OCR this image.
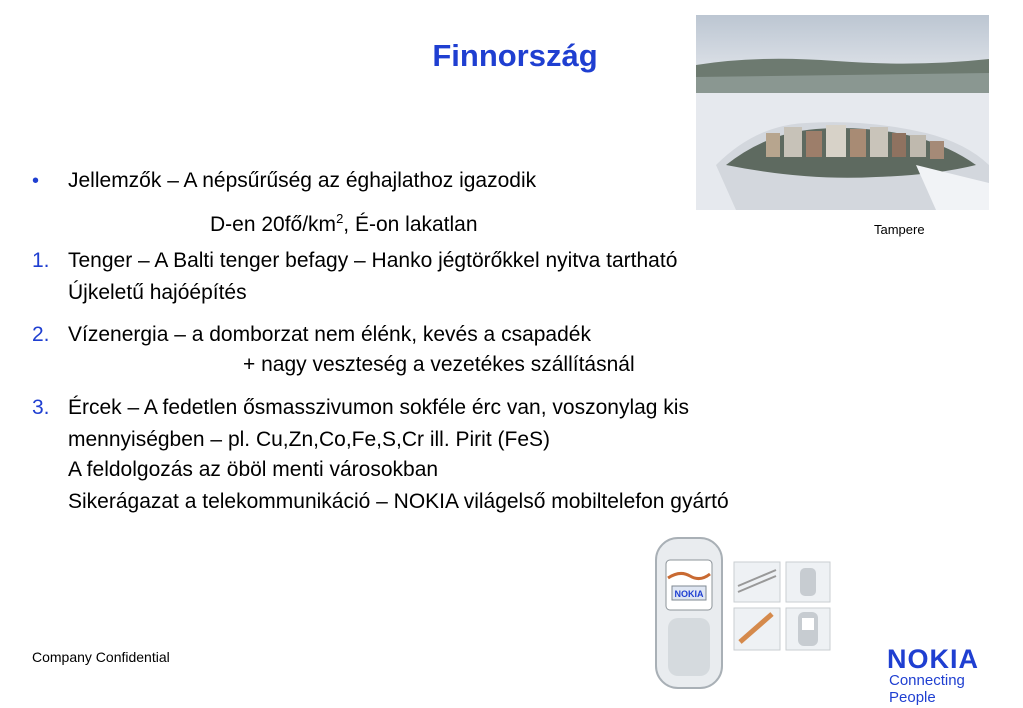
Finnország
Tampere
• Jellemzők – A népsűrűség az éghajlathoz igazodik
D-en $20fő/km^2$, É-on lakatlan
1. Tenger – A Balti tenger befagy – Hanko jégtörőkkel nyitva tartható
Újkeletű hajóépítés
2. Vízenergia – a domborzat nem élénk, kevés a csapadék
+ nagy veszteség a vezetékes szállításnál
3. Ércek – A fedetlen ősmasszivumon sokféle érc van, voszonylag kis
mennyiségben – pl. Cu,Zn,Co,Fe,S,Cr ill. Pirit (FeS)
A feldolgozás az öböl menti városokban
Sikerágazat a telekommunikáció – NOKIA világelső mobiltelefon gyártó
NOKIA
Company Confidential	NOKIA
Connecting People
